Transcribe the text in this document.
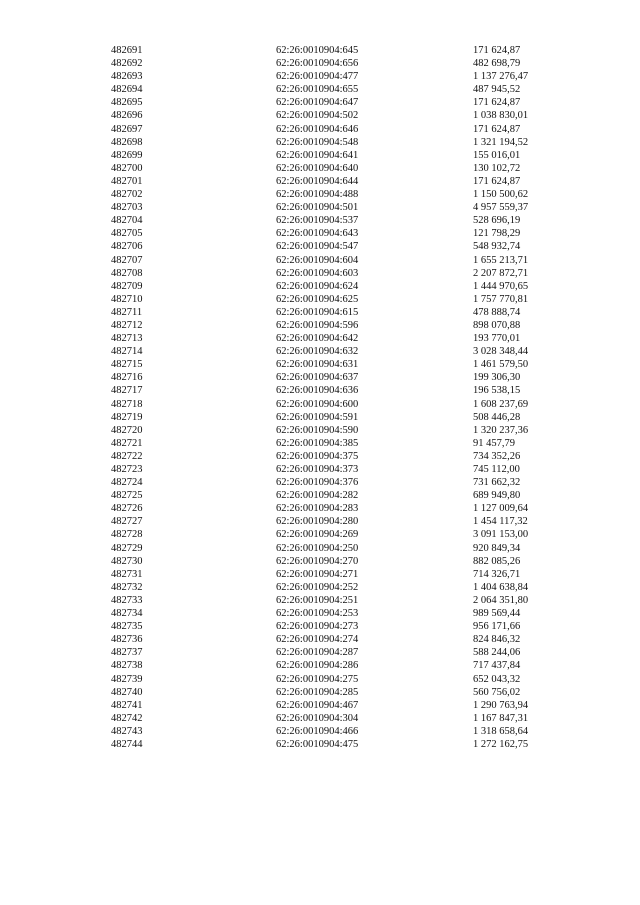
482691	62:26:0010904:645	171 624,87
482692	62:26:0010904:656	482 698,79
482693	62:26:0010904:477	1 137 276,47
482694	62:26:0010904:655	487 945,52
482695	62:26:0010904:647	171 624,87
482696	62:26:0010904:502	1 038 830,01
482697	62:26:0010904:646	171 624,87
482698	62:26:0010904:548	1 321 194,52
482699	62:26:0010904:641	155 016,01
482700	62:26:0010904:640	130 102,72
482701	62:26:0010904:644	171 624,87
482702	62:26:0010904:488	1 150 500,62
482703	62:26:0010904:501	4 957 559,37
482704	62:26:0010904:537	528 696,19
482705	62:26:0010904:643	121 798,29
482706	62:26:0010904:547	548 932,74
482707	62:26:0010904:604	1 655 213,71
482708	62:26:0010904:603	2 207 872,71
482709	62:26:0010904:624	1 444 970,65
482710	62:26:0010904:625	1 757 770,81
482711	62:26:0010904:615	478 888,74
482712	62:26:0010904:596	898 070,88
482713	62:26:0010904:642	193 770,01
482714	62:26:0010904:632	3 028 348,44
482715	62:26:0010904:631	1 461 579,50
482716	62:26:0010904:637	199 306,30
482717	62:26:0010904:636	196 538,15
482718	62:26:0010904:600	1 608 237,69
482719	62:26:0010904:591	508 446,28
482720	62:26:0010904:590	1 320 237,36
482721	62:26:0010904:385	91 457,79
482722	62:26:0010904:375	734 352,26
482723	62:26:0010904:373	745 112,00
482724	62:26:0010904:376	731 662,32
482725	62:26:0010904:282	689 949,80
482726	62:26:0010904:283	1 127 009,64
482727	62:26:0010904:280	1 454 117,32
482728	62:26:0010904:269	3 091 153,00
482729	62:26:0010904:250	920 849,34
482730	62:26:0010904:270	882 085,26
482731	62:26:0010904:271	714 326,71
482732	62:26:0010904:252	1 404 638,84
482733	62:26:0010904:251	2 064 351,80
482734	62:26:0010904:253	989 569,44
482735	62:26:0010904:273	956 171,66
482736	62:26:0010904:274	824 846,32
482737	62:26:0010904:287	588 244,06
482738	62:26:0010904:286	717 437,84
482739	62:26:0010904:275	652 043,32
482740	62:26:0010904:285	560 756,02
482741	62:26:0010904:467	1 290 763,94
482742	62:26:0010904:304	1 167 847,31
482743	62:26:0010904:466	1 318 658,64
482744	62:26:0010904:475	1 272 162,75
